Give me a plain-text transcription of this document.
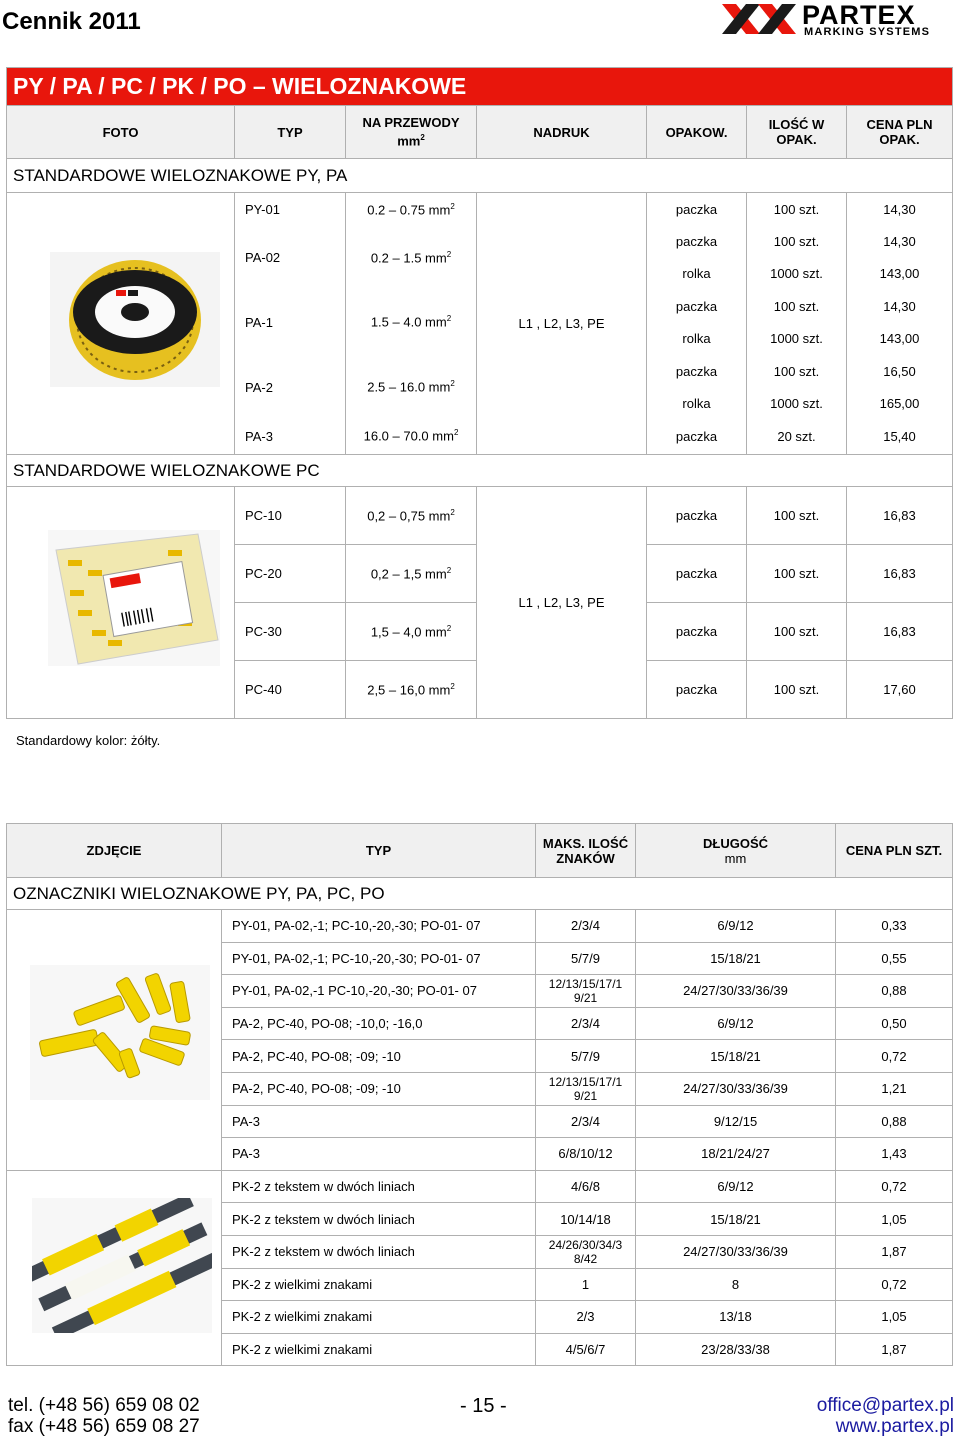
Cennik 2011	PARTEX
MARKING SYSTEMS
PY / PA / PC / PK / PO – WIELOZNAKOWE						
FOTO	TYP	NA PRZEWODY
$mm^2$	NADRUK	OPAKOW.	ILOŚĆ W OPAK.	CENA PLN OPAK.
STANDARDOWE WIELOZNAKOWE PY, PA						
	PY-01	0.2 – 0.75 $mm^2$	L1 , L2, L3, PE	paczka	100 szt.	14,30
	PA-02	0.2 – 1.5 $mm^2$		paczka	100 szt.	14,30
				rolka	1000 szt.	143,00
	PA-1	1.5 – 4.0 $mm^2$		paczka	100 szt.	14,30
				rolka	1000 szt.	143,00
	PA-2	2.5 – 16.0 $mm^2$		paczka	100 szt.	16,50
				rolka	1000 szt.	165,00
	PA-3	16.0 – 70.0 $mm^2$		paczka	20 szt.	15,40

STANDARDOWE WIELOZNAKOWE PC						
	PC-10	0,2 – 0,75 $mm^2$	L1 , L2, L3, PE	paczka	100 szt.	16,83
	PC-20	0,2 – 1,5 $mm^2$		paczka	100 szt.	16,83
	PC-30	1,5 – 4,0 $mm^2$		paczka	100 szt.	16,83
	PC-40	2,5 – 16,0 $mm^2$		paczka	100 szt.	17,60
Standardowy kolor: żółty.
ZDJĘCIE	TYP	MAKS. ILOŚĆ ZNAKÓW	DŁUGOŚĆ
mm	CENA PLN SZT.
OZNACZNIKI WIELOZNAKOWE PY, PA, PC, PO				
	PY-01, PA-02,-1; PC-10,-20,-30; PO-01- 07	2/3/4	6/9/12	0,33
	PY-01, PA-02,-1; PC-10,-20,-30; PO-01- 07	5/7/9	15/18/21	0,55
	PY-01, PA-02,-1 PC-10,-20,-30; PO-01- 07	12/13/15/17/1 9/21	24/27/30/33/36/39	0,88
	PA-2, PC-40, PO-08; -10,0; -16,0	2/3/4	6/9/12	0,50
	PA-2, PC-40, PO-08; -09; -10	5/7/9	15/18/21	0,72
	PA-2, PC-40, PO-08; -09; -10	12/13/15/17/1 9/21	24/27/30/33/36/39	1,21
	PA-3	2/3/4	9/12/15	0,88
	PA-3	6/8/10/12	18/21/24/27	1,43
	PK-2 z tekstem w dwóch liniach	4/6/8	6/9/12	0,72
	PK-2 z tekstem w dwóch liniach	10/14/18	15/18/21	1,05
	PK-2 z tekstem w dwóch liniach	24/26/30/34/3 8/42	24/27/30/33/36/39	1,87
	PK-2 z wielkimi znakami	1	8	0,72
	PK-2 z wielkimi znakami	2/3	13/18	1,05
	PK-2 z wielkimi znakami	4/5/6/7	23/28/33/38	1,87
tel. (+48 56) 659 08 02
fax (+48 56) 659 08 27
- 15 -	office@partex.pl
www.partex.pl
